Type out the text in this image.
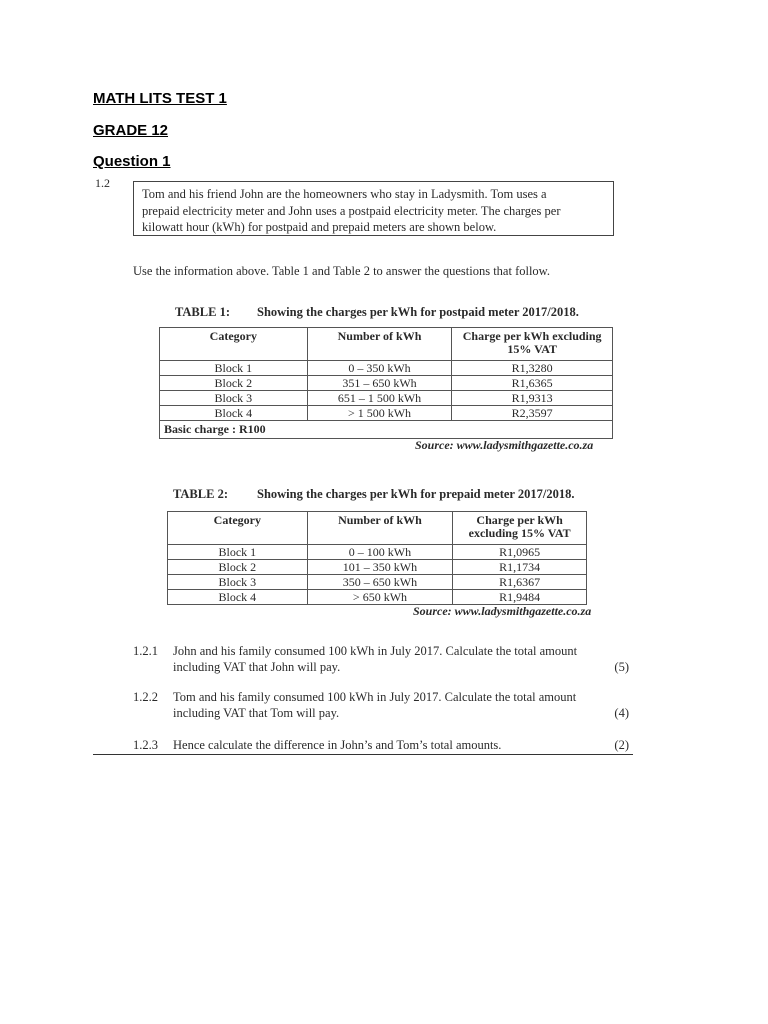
MATH LITS TEST 1
GRADE 12
Question 1
1.2
Tom and his friend John are the homeowners who stay in Ladysmith. Tom uses a
prepaid electricity meter and John uses a postpaid electricity meter. The charges per
kilowatt hour (kWh) for postpaid and prepaid meters are shown below.
Use the information above. Table 1 and Table 2 to answer the questions that follow.
TABLE 1: Showing the charges per kWh for postpaid meter 2017/2018.
Category	Number of kWh	Charge per kWh excluding 15% VAT
Block 1	0 – 350 kWh	R1,3280
Block 2	351 – 650 kWh	R1,6365
Block 3	651 – 1 500 kWh	R1,9313
Block 4	> 1 500 kWh	R2,3597
Basic charge : R100		
Source: www.ladysmithgazette.co.za
TABLE 2: Showing the charges per kWh for prepaid meter 2017/2018.
Category	Number of kWh	Charge per kWh excluding 15% VAT
Block 1	0 – 100 kWh	R1,0965
Block 2	101 – 350 kWh	R1,1734
Block 3	350 – 650 kWh	R1,6367
Block 4	> 650 kWh	R1,9484
Source: www.ladysmithgazette.co.za
1.2.1 John and his family consumed 100 kWh in July 2017. Calculate the total amount
including VAT that John will pay.	(5)
1.2.2 Tom and his family consumed 100 kWh in July 2017. Calculate the total amount
including VAT that Tom will pay.	(4)
1.2.3 Hence calculate the difference in John’s and Tom’s total amounts.	(2)
